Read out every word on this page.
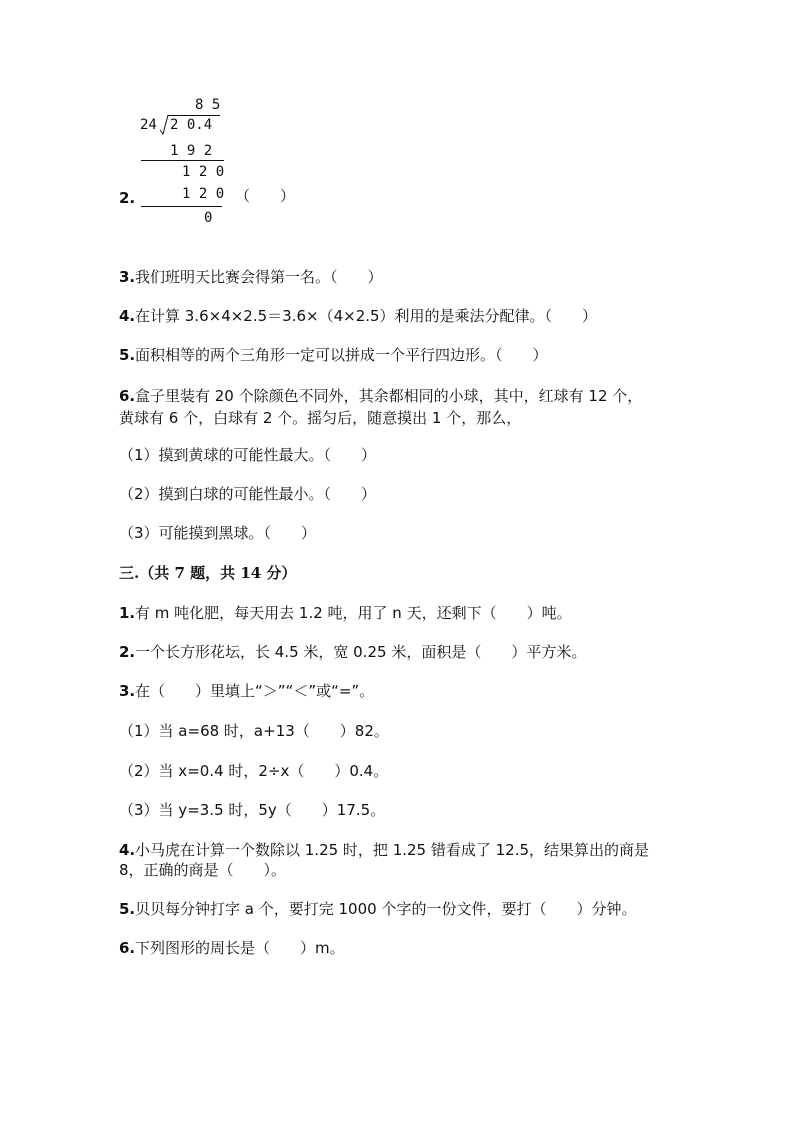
8 5
24 2 0.4
1 9 2
1 2 0
1 2 0
0
2.	（　　）
3. 我们班明天比赛会得第一名。（　　）
4. 在计算 3.6×4×2.5＝3.6×（4×2.5）利用的是乘法分配律。（　　）
5. 面积相等的两个三角形一定可以拼成一个平行四边形。（　　）
6. 盒子里装有 20 个除颜色不同外，其余都相同的小球，其中，红球有 12 个，
黄球有 6 个，白球有 2 个。摇匀后，随意摸出 1 个，那么，
（1）摸到黄球的可能性最大。（　　）
（2）摸到白球的可能性最小。（　　）
（3）可能摸到黑球。（　　）
三.（共 7 题，共 14 分）
1. 有 m 吨化肥，每天用去 1.2 吨，用了 n 天，还剩下（　　）吨。
2. 一个长方形花坛，长 4.5 米，宽 0.25 米，面积是（　　）平方米。
3. 在（　　）里填上“＞”“＜”或“=”。
（1）当 a=68 时，a+13（　　）82。
（2）当 x=0.4 时，2÷x（　　）0.4。
（3）当 y=3.5 时，5y（　　）17.5。
4. 小马虎在计算一个数除以 1.25 时，把 1.25 错看成了 12.5，结果算出的商是
8，正确的商是（　　）。
5. 贝贝每分钟打字 a 个，要打完 1000 个字的一份文件，要打（　　）分钟。
6. 下列图形的周长是（　　）m。
